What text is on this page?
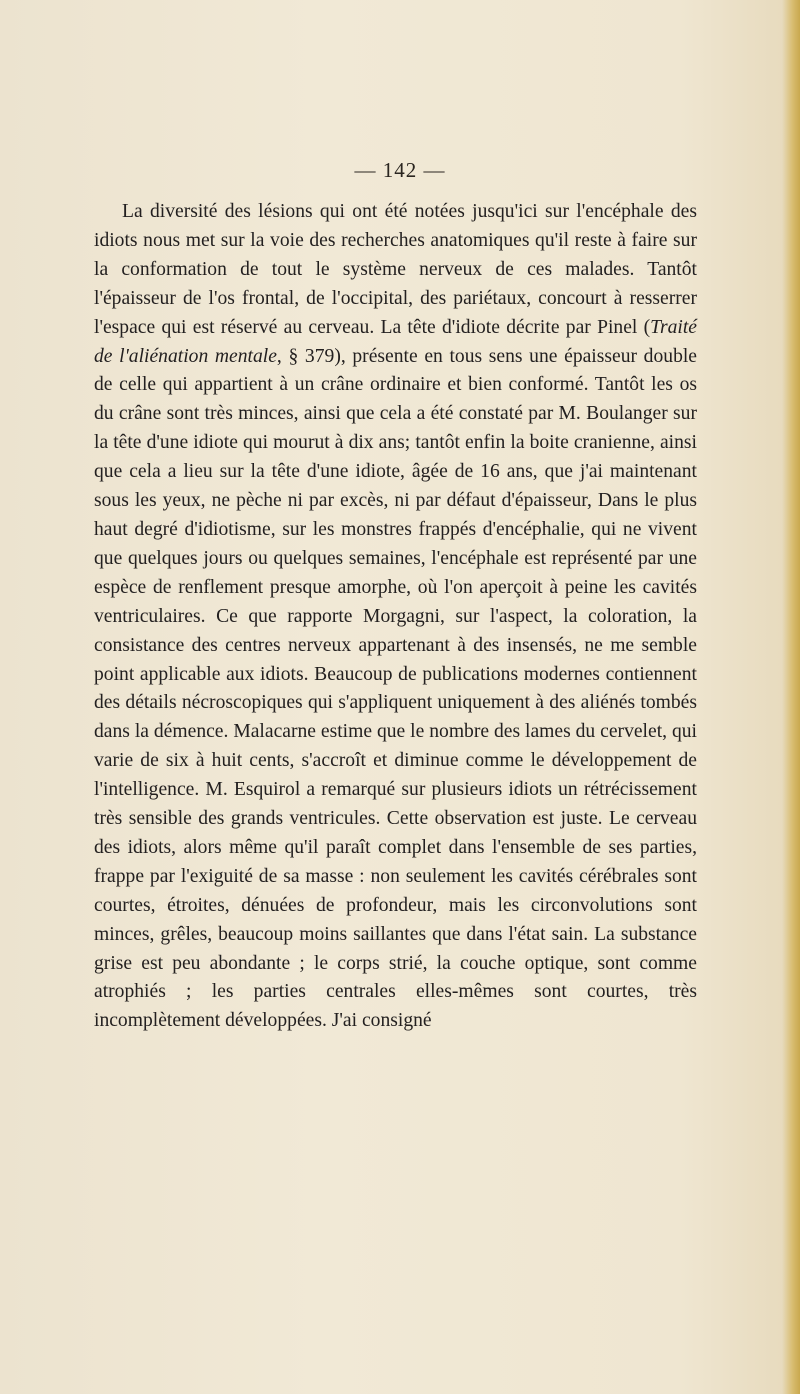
— 142 —

La diversité des lésions qui ont été notées jusqu'ici sur l'encéphale des idiots nous met sur la voie des recherches anatomiques qu'il reste à faire sur la conformation de tout le système nerveux de ces malades. Tantôt l'épaisseur de l'os frontal, de l'occipital, des pariétaux, concourt à resserrer l'espace qui est réservé au cerveau. La tête d'idiote décrite par Pinel (Traité de l'aliénation mentale, § 379), présente en tous sens une épaisseur double de celle qui appartient à un crâne ordinaire et bien conformé. Tantôt les os du crâne sont très minces, ainsi que cela a été constaté par M. Boulanger sur la tête d'une idiote qui mourut à dix ans; tantôt enfin la boite cranienne, ainsi que cela a lieu sur la tête d'une idiote, âgée de 16 ans, que j'ai maintenant sous les yeux, ne pèche ni par excès, ni par défaut d'épaisseur, Dans le plus haut degré d'idiotisme, sur les monstres frappés d'encéphalie, qui ne vivent que quelques jours ou quelques semaines, l'encéphale est représenté par une espèce de renflement presque amorphe, où l'on aperçoit à peine les cavités ventriculaires. Ce que rapporte Morgagni, sur l'aspect, la coloration, la consistance des centres nerveux appartenant à des insensés, ne me semble point applicable aux idiots. Beaucoup de publications modernes contiennent des détails nécroscopiques qui s'appliquent uniquement à des aliénés tombés dans la démence. Malacarne estime que le nombre des lames du cervelet, qui varie de six à huit cents, s'accroît et diminue comme le développement de l'intelligence. M. Esquirol a remarqué sur plusieurs idiots un rétrécissement très sensible des grands ventricules. Cette observation est juste. Le cerveau des idiots, alors même qu'il paraît complet dans l'ensemble de ses parties, frappe par l'exiguité de sa masse : non seulement les cavités cérébrales sont courtes, étroites, dénuées de profondeur, mais les circonvolutions sont minces, grêles, beaucoup moins saillantes que dans l'état sain. La substance grise est peu abondante ; le corps strié, la couche optique, sont comme atrophiés ; les parties centrales elles-mêmes sont courtes, très incomplètement développées. J'ai consigné
